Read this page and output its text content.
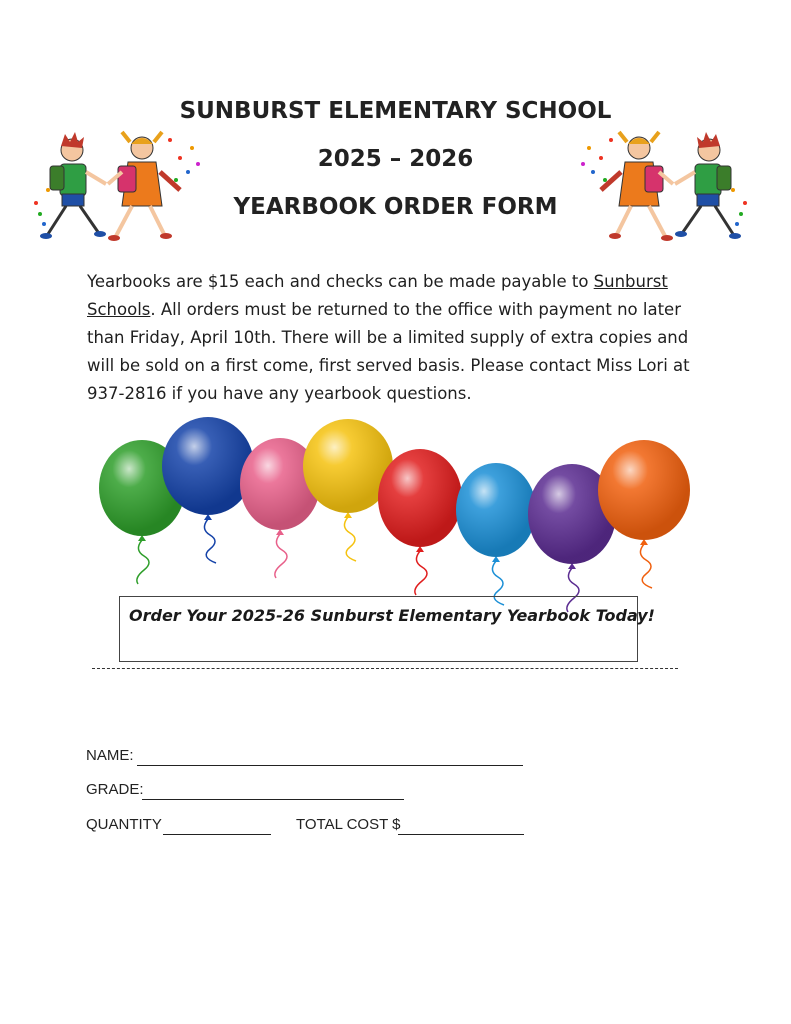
SUNBURST ELEMENTARY SCHOOL
2025 – 2026
YEARBOOK ORDER FORM
Yearbooks are $15 each and checks can be made payable to Sunburst Schools. All orders must be returned to the office with payment no later than Friday, April 10th. There will be a limited supply of extra copies and will be sold on a first come, first served basis. Please contact Miss Lori at 937-2816 if you have any yearbook questions.
Order Your 2025-26 Sunburst Elementary Yearbook Today!
NAME:
GRADE:
QUANTITY	TOTAL COST $
